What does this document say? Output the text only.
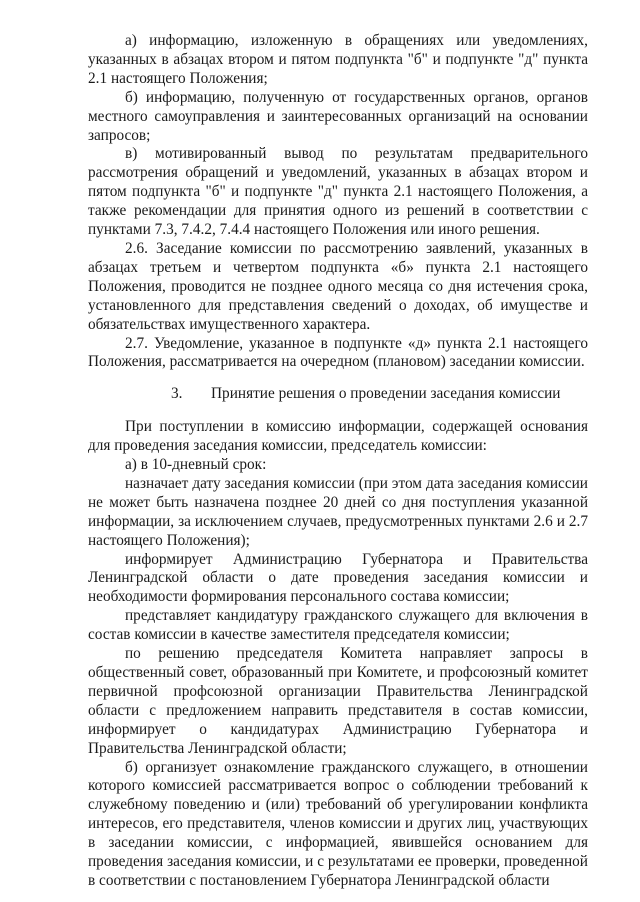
а) информацию, изложенную в обращениях или уведомлениях, указанных в абзацах втором и пятом подпункта "б" и подпункте "д" пункта 2.1 настоящего Положения;

б) информацию, полученную от государственных органов, органов местного самоуправления и заинтересованных организаций на основании запросов;

в) мотивированный вывод по результатам предварительного рассмотрения обращений и уведомлений, указанных в абзацах втором и пятом подпункта "б" и подпункте "д" пункта 2.1 настоящего Положения, а также рекомендации для принятия одного из решений в соответствии с пунктами 7.3, 7.4.2, 7.4.4 настоящего Положения или иного решения.

2.6. Заседание комиссии по рассмотрению заявлений, указанных в абзацах третьем и четвертом подпункта «б» пункта 2.1 настоящего Положения, проводится не позднее одного месяца со дня истечения срока, установленного для представления сведений о доходах, об имуществе и обязательствах имущественного характера.

2.7. Уведомление, указанное в подпункте «д» пункта 2.1 настоящего Положения, рассматривается на очередном (плановом) заседании комиссии.

3. Принятие решения о проведении заседания комиссии

При поступлении в комиссию информации, содержащей основания для проведения заседания комиссии, председатель комиссии:

а) в 10-дневный срок:

назначает дату заседания комиссии (при этом дата заседания комиссии не может быть назначена позднее 20 дней со дня поступления указанной информации, за исключением случаев, предусмотренных пунктами 2.6 и 2.7 настоящего Положения);

информирует Администрацию Губернатора и Правительства Ленинградской области о дате проведения заседания комиссии и необходимости формирования персонального состава комиссии;

представляет кандидатуру гражданского служащего для включения в состав комиссии в качестве заместителя председателя комиссии;

по решению председателя Комитета направляет запросы в общественный совет, образованный при Комитете, и профсоюзный комитет первичной профсоюзной организации Правительства Ленинградской области с предложением направить представителя в состав комиссии, информирует о кандидатурах Администрацию Губернатора и Правительства Ленинградской области;

б) организует ознакомление гражданского служащего, в отношении которого комиссией рассматривается вопрос о соблюдении требований к служебному поведению и (или) требований об урегулировании конфликта интересов, его представителя, членов комиссии и других лиц, участвующих в заседании комиссии, с информацией, явившейся основанием для проведения заседания комиссии, и с результатами ее проверки, проведенной в соответствии с постановлением Губернатора Ленинградской области
